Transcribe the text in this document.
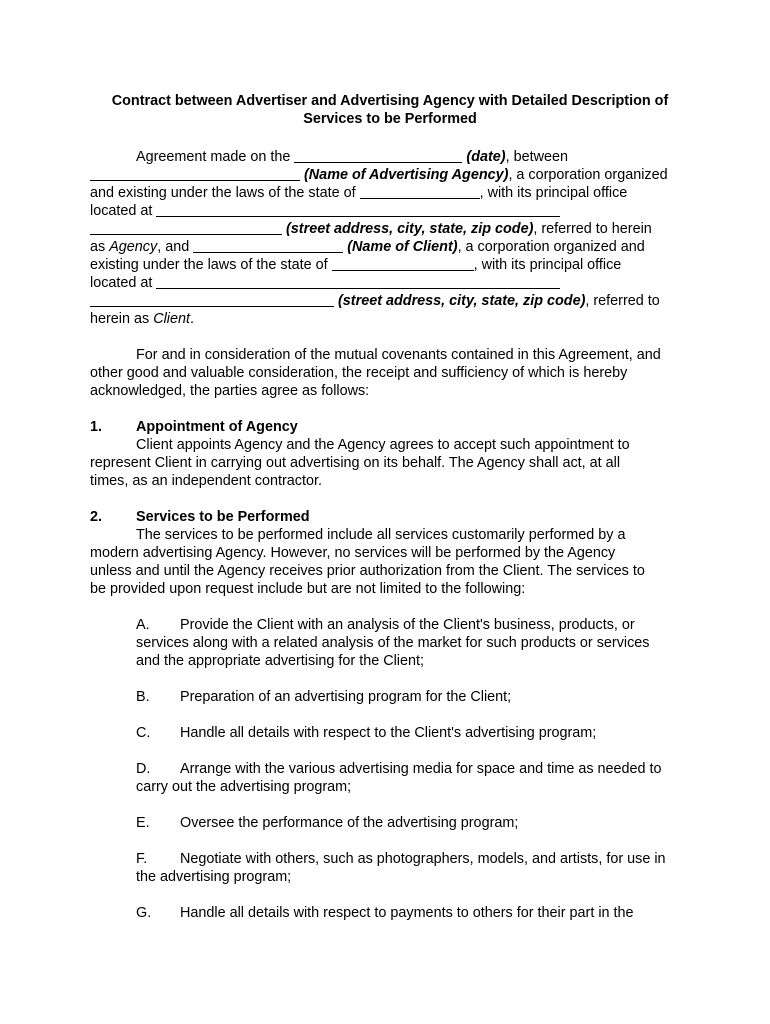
Contract between Advertiser and Advertising Agency with Detailed Description of
Services to be Performed
Agreement made on the	(date), between
(Name of Advertising Agency), a corporation organized
and existing under the laws of the state of	, with its principal office
located at
(street address, city, state, zip code), referred to herein
as Agency, and	(Name of Client), a corporation organized and
existing under the laws of the state of	, with its principal office
located at
(street address, city, state, zip code), referred to
herein as Client.
For and in consideration of the mutual covenants contained in this Agreement, and
other good and valuable consideration, the receipt and sufficiency of which is hereby
acknowledged, the parties agree as follows:
1.	Appointment of Agency
Client appoints Agency and the Agency agrees to accept such appointment to
represent Client in carrying out advertising on its behalf. The Agency shall act, at all
times, as an independent contractor.
2.	Services to be Performed
The services to be performed include all services customarily performed by a
modern advertising Agency. However, no services will be performed by the Agency
unless and until the Agency receives prior authorization from the Client. The services to
be provided upon request include but are not limited to the following:
A. Provide the Client with an analysis of the Client's business, products, or
services along with a related analysis of the market for such products or services
and the appropriate advertising for the Client;
B. Preparation of an advertising program for the Client;
C. Handle all details with respect to the Client's advertising program;
D. Arrange with the various advertising media for space and time as needed to
carry out the advertising program;
E. Oversee the performance of the advertising program;
F. Negotiate with others, such as photographers, models, and artists, for use in
the advertising program;
G. Handle all details with respect to payments to others for their part in the
